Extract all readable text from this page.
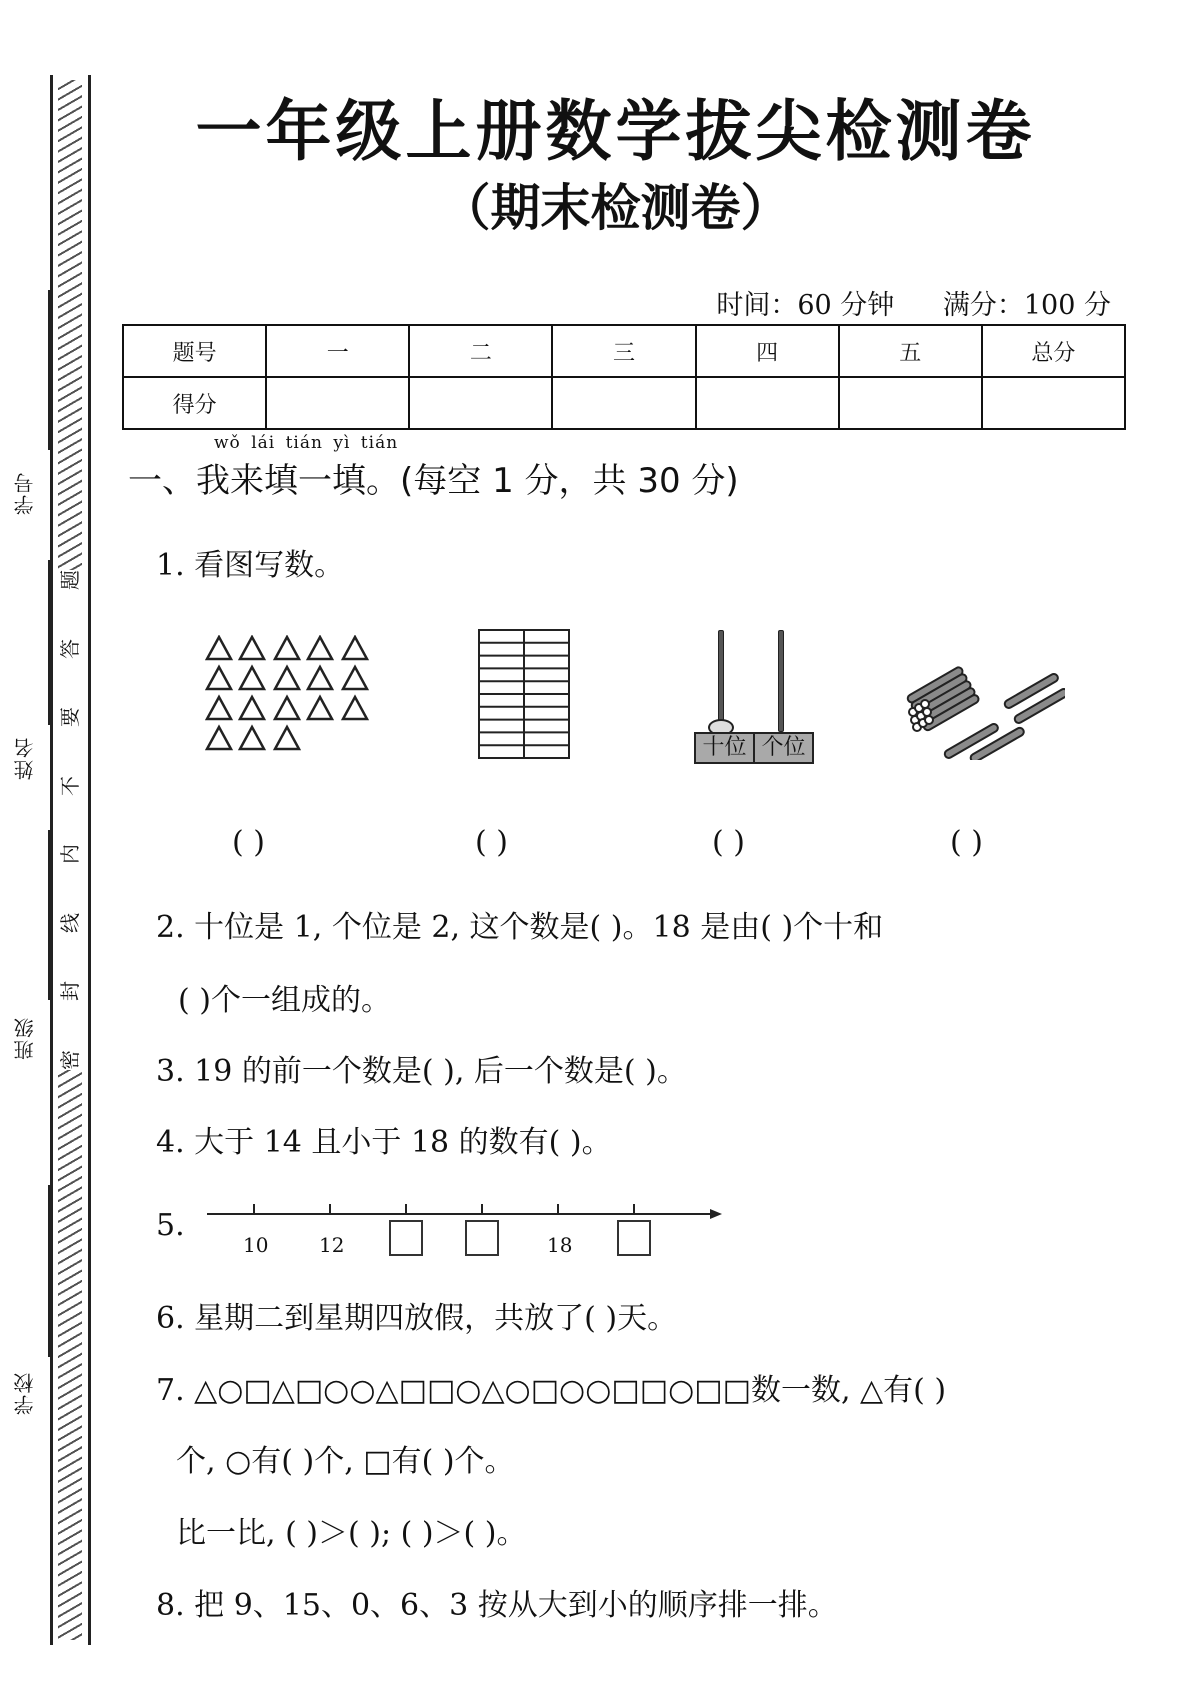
题
答
要
不
内
线
封
密
学号
姓名
班级
学校
一年级上册数学拔尖检测卷
（期末检测卷）
时间：60 分钟 满分：100 分
题号	一	二	三	四	五	总分
得分						
wǒ lái tián yì tián
一、我来填一填。(每空 1 分，共 30 分)
1. 看图写数。
十位 个位
( )	( )	( )	( )
2. 十位是 1, 个位是 2, 这个数是( )。18 是由( )个十和
( )个一组成的。
3. 19 的前一个数是( ), 后一个数是( )。
4. 大于 14 且小于 18 的数有( )。
5.
10	12	18
6. 星期二到星期四放假，共放了( )天。
7. △○□△□○○△□□○△○□○○□□○□□数一数, △有( )
个, ○有( )个, □有( )个。
比一比, ( )＞( ); ( )＞( )。
8. 把 9、15、0、6、3 按从大到小的顺序排一排。
